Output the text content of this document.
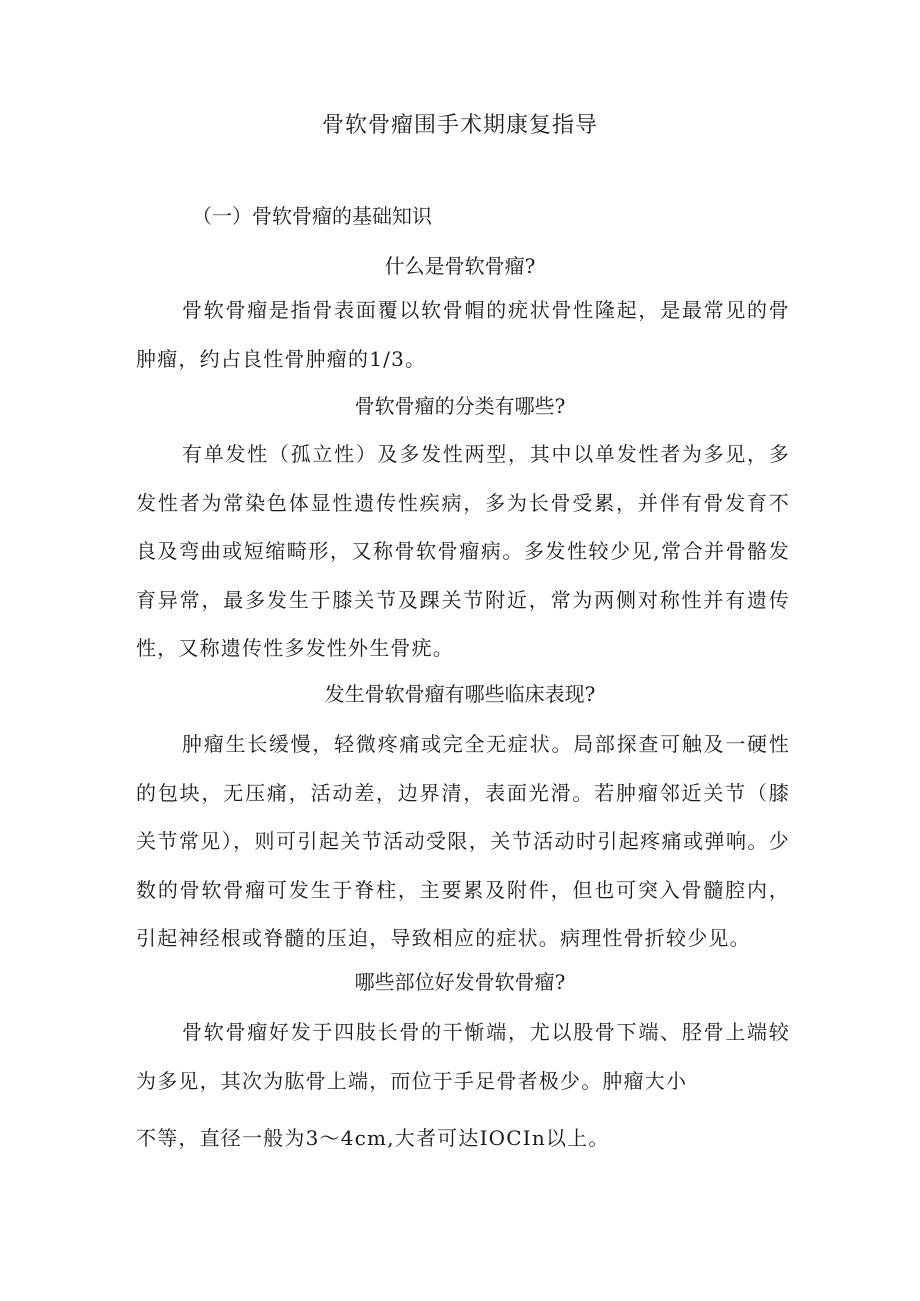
骨软骨瘤围手术期康复指导
（一）骨软骨瘤的基础知识
什么是骨软骨瘤?
骨软骨瘤是指骨表面覆以软骨帽的疣状骨性隆起，是最常见的骨肿瘤，约占良性骨肿瘤的1/3。
骨软骨瘤的分类有哪些?
有单发性（孤立性）及多发性两型，其中以单发性者为多见，多发性者为常染色体显性遗传性疾病，多为长骨受累，并伴有骨发育不良及弯曲或短缩畸形，又称骨软骨瘤病。多发性较少见,常合并骨骼发育异常，最多发生于膝关节及踝关节附近，常为两侧对称性并有遗传性，又称遗传性多发性外生骨疣。
发生骨软骨瘤有哪些临床表现?
肿瘤生长缓慢，轻微疼痛或完全无症状。局部探查可触及一硬性的包块，无压痛，活动差，边界清，表面光滑。若肿瘤邻近关节（膝关节常见），则可引起关节活动受限，关节活动时引起疼痛或弹响。少数的骨软骨瘤可发生于脊柱，主要累及附件，但也可突入骨髓腔内，引起神经根或脊髓的压迫，导致相应的症状。病理性骨折较少见。
哪些部位好发骨软骨瘤?
骨软骨瘤好发于四肢长骨的干惭端，尤以股骨下端、胫骨上端较为多见，其次为肱骨上端，而位于手足骨者极少。肿瘤大小
不等，直径一般为3～4cm,大者可达IOCIn以上。
